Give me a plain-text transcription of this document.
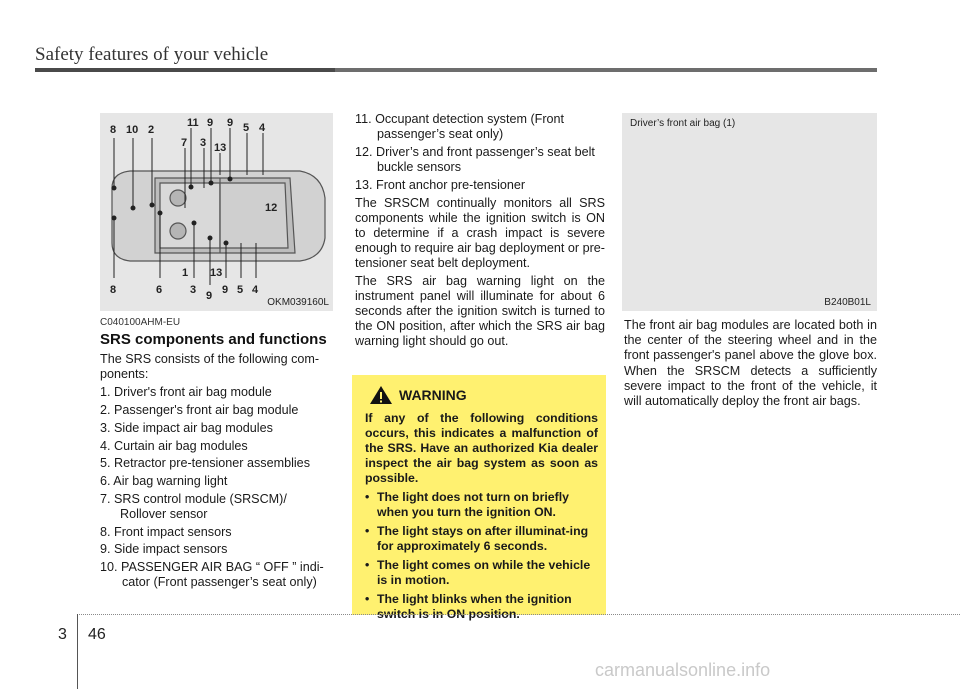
Safety features of your vehicle
8 10 2
11 9 9 5 4
7 3 13
12
8	6	3 9
13
9 5 4
1
OKM039160L
C040100AHM-EU
SRS components and functions

The SRS consists of the following com-ponents:

1. Driver's front air bag module
2. Passenger's front air bag module
3. Side impact air bag modules
4. Curtain air bag modules
5. Retractor pre-tensioner assemblies
6. Air bag warning light
7. SRS control module (SRSCM)/ Rollover sensor
8. Front impact sensors
9. Side impact sensors
10. PASSENGER AIR BAG “ OFF ” indi-cator (Front passenger’s seat only)
11. Occupant detection system (Front passenger’s seat only)
12. Driver’s and front passenger’s seat belt buckle sensors
13. Front anchor pre-tensioner

The SRSCM continually monitors all SRS components while the ignition switch is ON to determine if a crash impact is severe enough to require air bag deployment or pre-tensioner seat belt deployment.

The SRS air bag warning light on the instrument panel will illuminate for about 6 seconds after the ignition switch is turned to the ON position, after which the SRS air bag warning light should go out.

WARNING
If any of the following conditions occurs, this indicates a malfunction of the SRS. Have an authorized Kia dealer inspect the air bag system as soon as possible.
• The light does not turn on briefly when you turn the ignition ON.
• The light stays on after illuminat-ing for approximately 6 seconds.
• The light comes on while the vehicle is in motion.
• The light blinks when the ignition switch is in ON position.
Driver’s front air bag (1)
B240B01L
The front air bag modules are located both in the center of the steering wheel and in the front passenger's panel above the glove box. When the SRSCM detects a sufficiently severe impact to the front of the vehicle, it will automatically deploy the front air bags.
3 46
carmanualsonline.info
